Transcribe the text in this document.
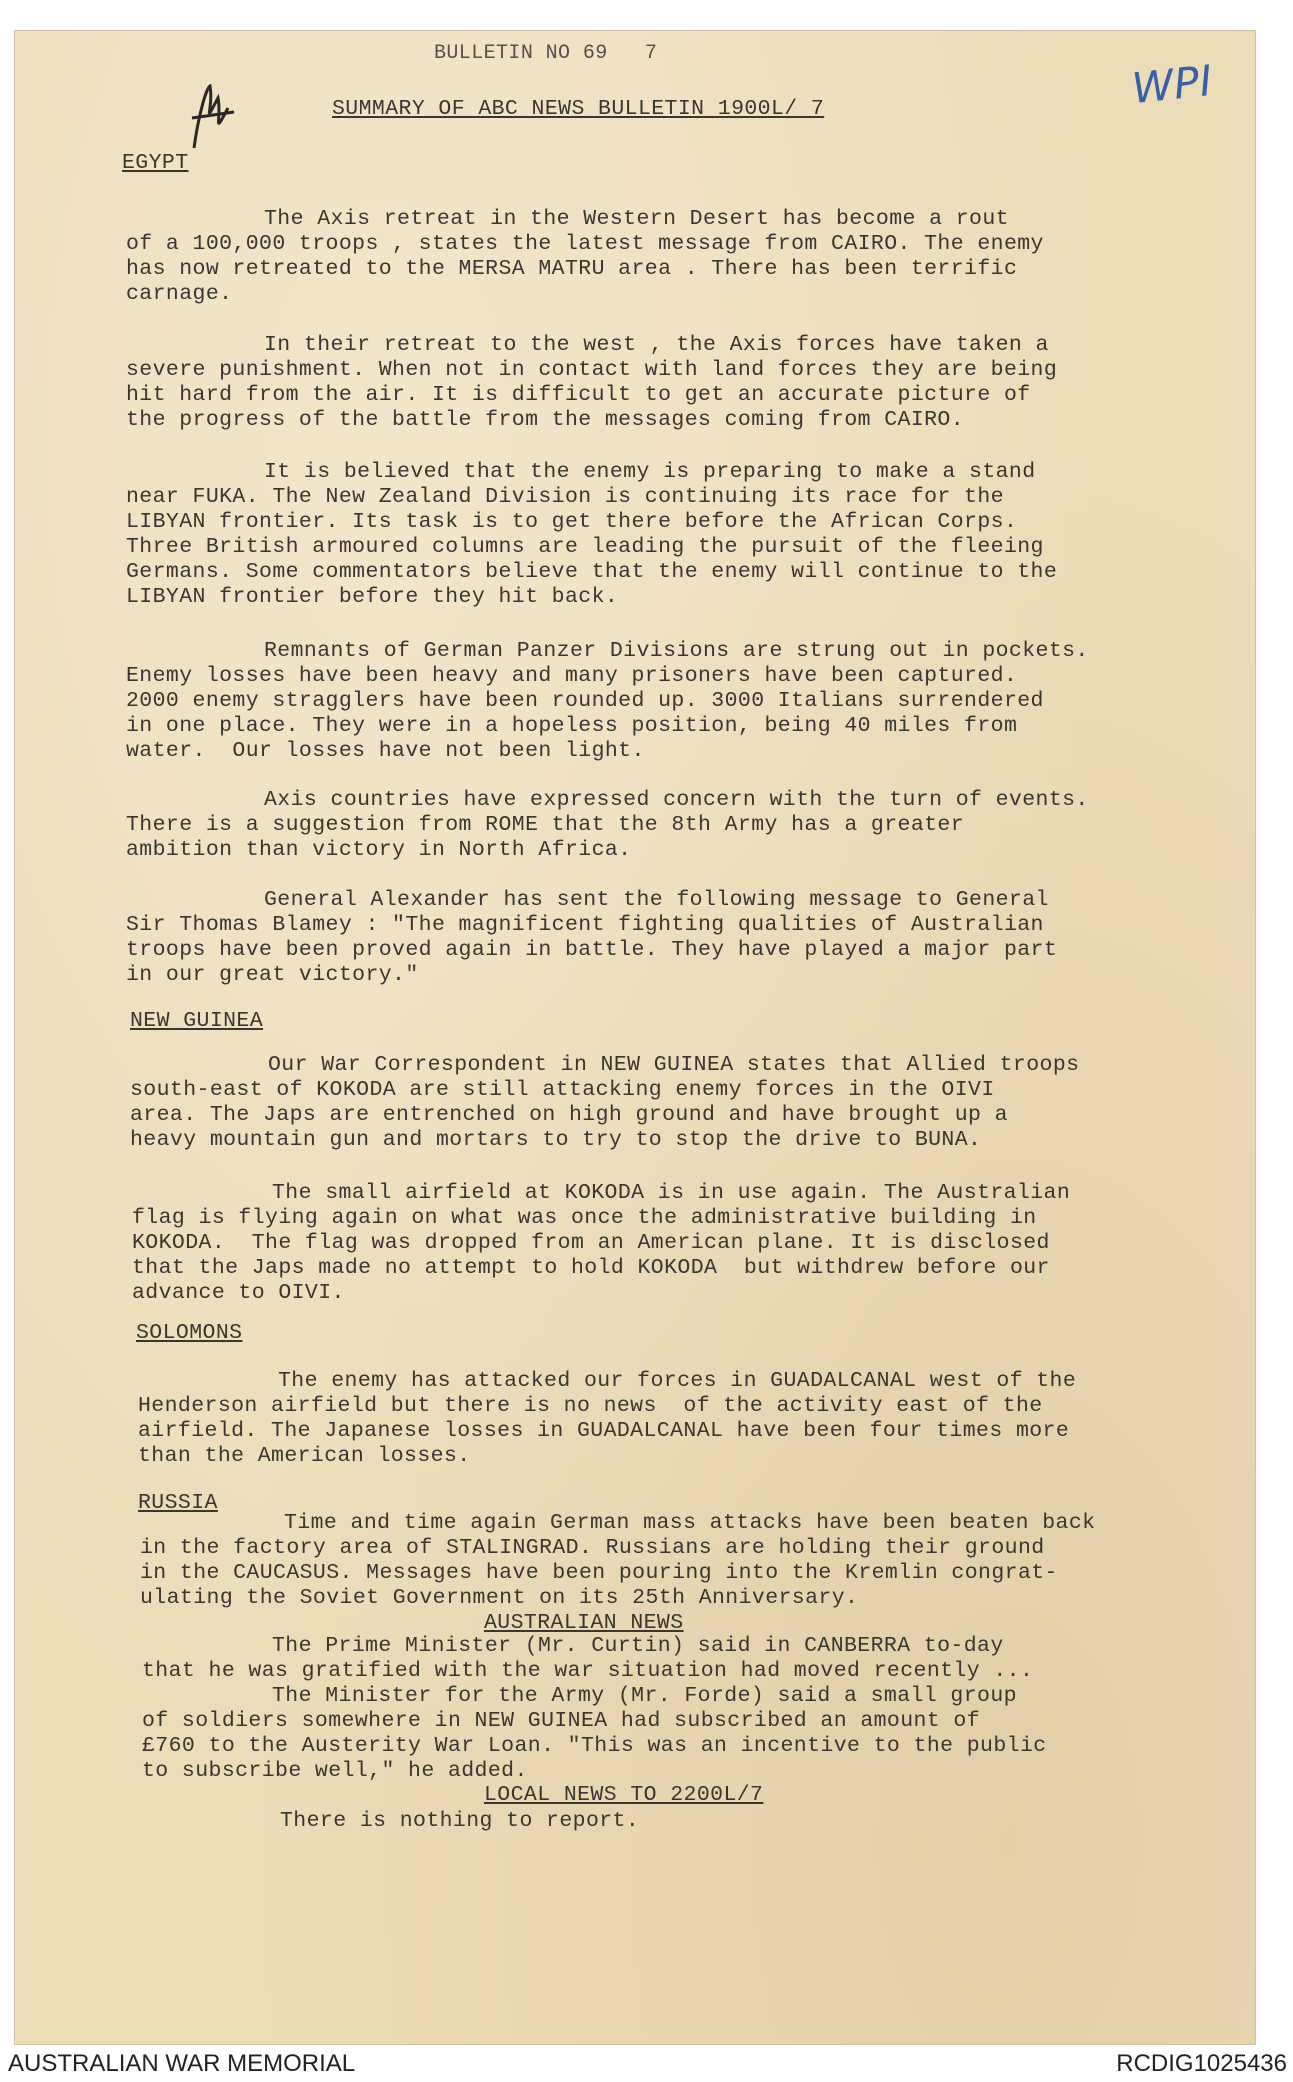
BULLETIN NO 69   7
WPI
SUMMARY OF ABC NEWS BULLETIN 1900L/ 7
EGYPT
The Axis retreat in the Western Desert has become a rout
of a 100,000 troops , states the latest message from CAIRO. The enemy
has now retreated to the MERSA MATRU area . There has been terrific
carnage.
In their retreat to the west , the Axis forces have taken a
severe punishment. When not in contact with land forces they are being
hit hard from the air. It is difficult to get an accurate picture of
the progress of the battle from the messages coming from CAIRO.
It is believed that the enemy is preparing to make a stand
near FUKA. The New Zealand Division is continuing its race for the
LIBYAN frontier. Its task is to get there before the African Corps.
Three British armoured columns are leading the pursuit of the fleeing
Germans. Some commentators believe that the enemy will continue to the
LIBYAN frontier before they hit back.
Remnants of German Panzer Divisions are strung out in pockets.
Enemy losses have been heavy and many prisoners have been captured.
2000 enemy stragglers have been rounded up. 3000 Italians surrendered
in one place. They were in a hopeless position, being 40 miles from
water.  Our losses have not been light.
Axis countries have expressed concern with the turn of events.
There is a suggestion from ROME that the 8th Army has a greater
ambition than victory in North Africa.
General Alexander has sent the following message to General
Sir Thomas Blamey : "The magnificent fighting qualities of Australian
troops have been proved again in battle. They have played a major part
in our great victory."
NEW GUINEA
Our War Correspondent in NEW GUINEA states that Allied troops
south-east of KOKODA are still attacking enemy forces in the OIVI
area. The Japs are entrenched on high ground and have brought up a
heavy mountain gun and mortars to try to stop the drive to BUNA.
The small airfield at KOKODA is in use again. The Australian
flag is flying again on what was once the administrative building in
KOKODA.  The flag was dropped from an American plane. It is disclosed
that the Japs made no attempt to hold KOKODA  but withdrew before our
advance to OIVI.
SOLOMONS
The enemy has attacked our forces in GUADALCANAL west of the
Henderson airfield but there is no news  of the activity east of the
airfield. The Japanese losses in GUADALCANAL have been four times more
than the American losses.
RUSSIA
Time and time again German mass attacks have been beaten back
in the factory area of STALINGRAD. Russians are holding their ground
in the CAUCASUS. Messages have been pouring into the Kremlin congrat-
ulating the Soviet Government on its 25th Anniversary.
AUSTRALIAN NEWS
The Prime Minister (Mr. Curtin) said in CANBERRA to-day
that he was gratified with the war situation had moved recently ...
The Minister for the Army (Mr. Forde) said a small group
of soldiers somewhere in NEW GUINEA had subscribed an amount of
£760 to the Austerity War Loan. "This was an incentive to the public
to subscribe well," he added.
LOCAL NEWS TO 2200L/7
There is nothing to report.
AUSTRALIAN WAR MEMORIAL	RCDIG1025436
